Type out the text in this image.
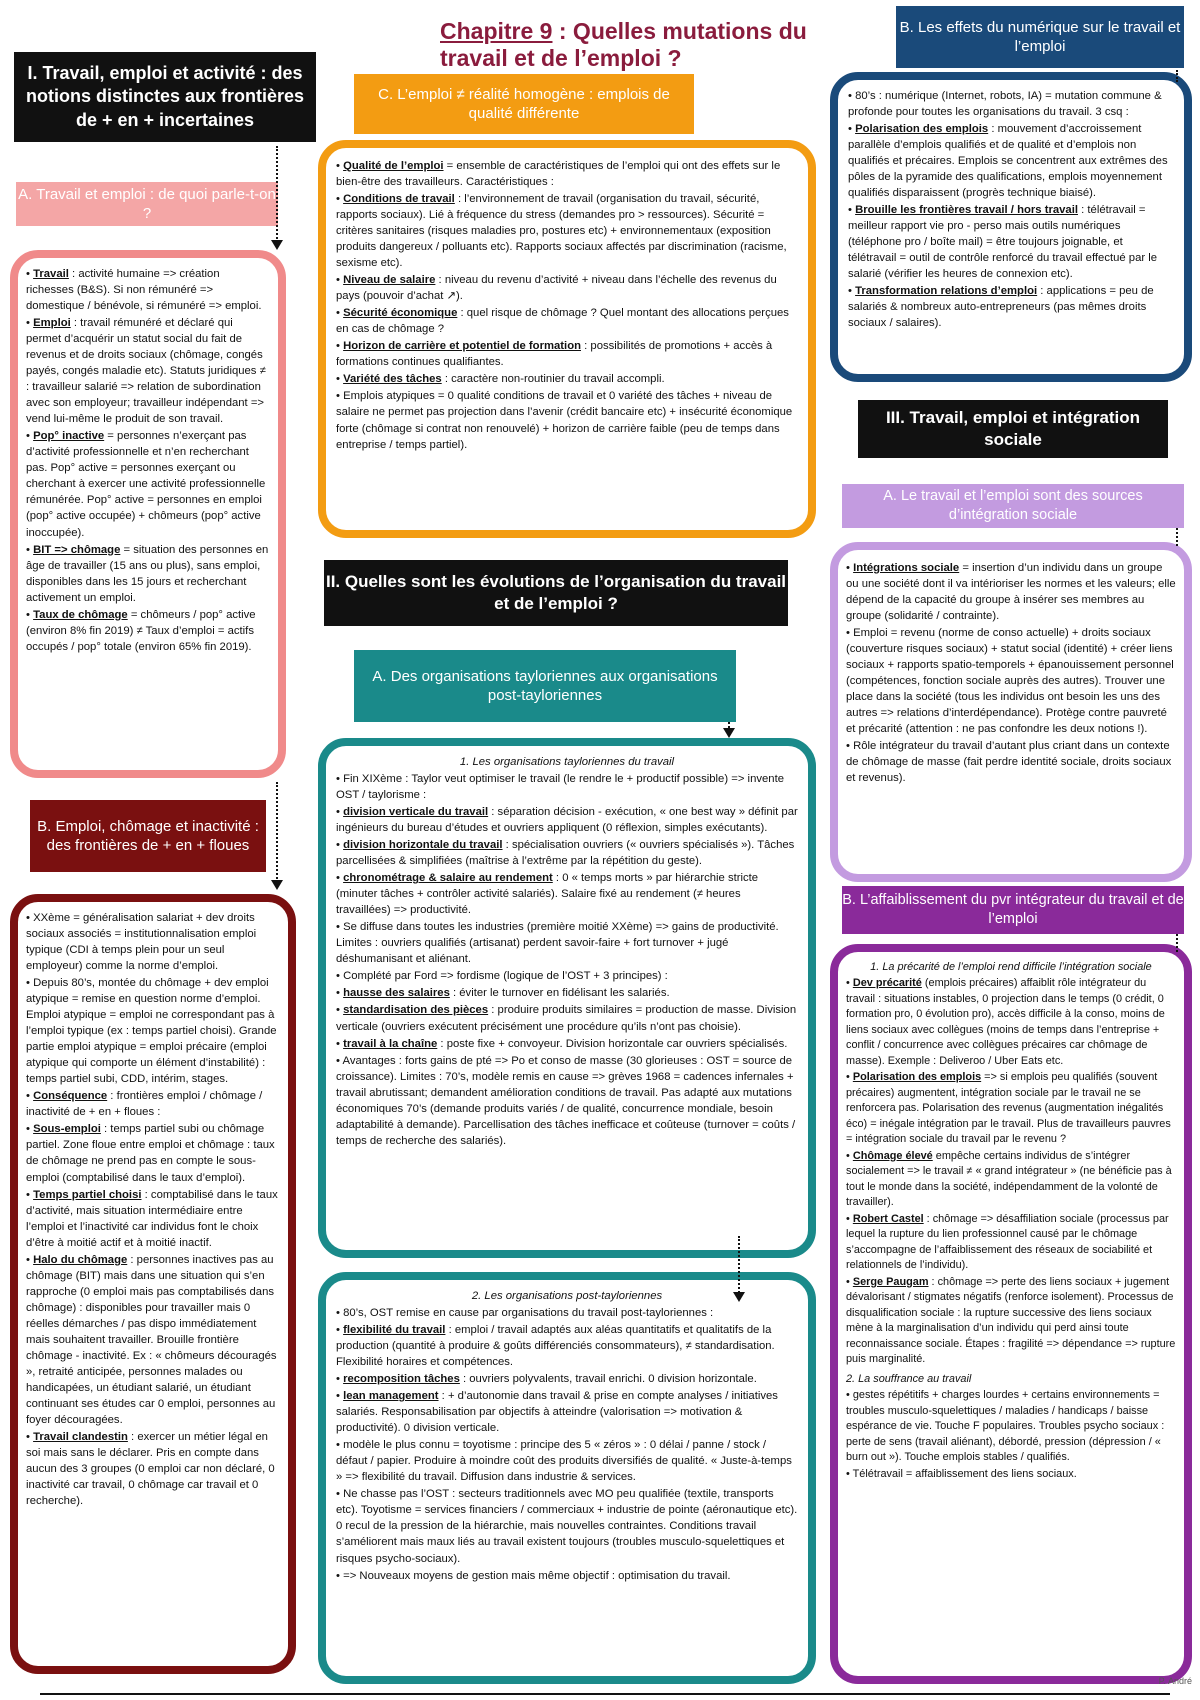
Chapitre 9 : Quelles mutations du travail et de l’emploi ?
I. Travail, emploi et activité : des notions distinctes aux frontières de + en + incertaines
A. Travail et emploi : de quoi parle-t-on ?

• Travail : activité humaine => création richesses (B&S). Si non rémunéré => domestique / bénévole, si rémunéré => emploi.

• Emploi : travail rémunéré et déclaré qui permet d’acquérir un statut social du fait de revenus et de droits sociaux (chômage, congés payés, congés maladie etc). Statuts juridiques ≠ : travailleur salarié => relation de subordination avec son employeur; travailleur indépendant => vend lui-même le produit de son travail.

• Pop° inactive = personnes n’exerçant pas d’activité professionnelle et n’en recherchant pas. Pop° active = personnes exerçant ou cherchant à exercer une activité professionnelle rémunérée. Pop° active = personnes en emploi (pop° active occupée) + chômeurs (pop° active inoccupée).

• BIT => chômage = situation des personnes en âge de travailler (15 ans ou plus), sans emploi, disponibles dans les 15 jours et recherchant activement un emploi.

• Taux de chômage = chômeurs / pop° active (environ 8% fin 2019) ≠ Taux d’emploi = actifs occupés / pop° totale (environ 65% fin 2019).

B. Emploi, chômage et inactivité : des frontières de + en + floues

• XXème = généralisation salariat + dev droits sociaux associés = institutionnalisation emploi typique (CDI à temps plein pour un seul employeur) comme la norme d’emploi.

• Depuis 80’s, montée du chômage + dev emploi atypique = remise en question norme d’emploi. Emploi atypique = emploi ne correspondant pas à l’emploi typique (ex : temps partiel choisi). Grande partie emploi atypique = emploi précaire (emploi atypique qui comporte un élément d’instabilité) : temps partiel subi, CDD, intérim, stages.

• Conséquence : frontières emploi / chômage / inactivité de + en + floues :

• Sous-emploi : temps partiel subi ou chômage partiel. Zone floue entre emploi et chômage : taux de chômage ne prend pas en compte le sous-emploi (comptabilisé dans le taux d’emploi).

• Temps partiel choisi : comptabilisé dans le taux d’activité, mais situation intermédiaire entre l’emploi et l’inactivité car individus font le choix d’être à moitié actif et à moitié inactif.

• Halo du chômage : personnes inactives pas au chômage (BIT) mais dans une situation qui s’en rapproche (0 emploi mais pas comptabilisés dans chômage) : disponibles pour travailler mais 0 réelles démarches / pas dispo immédiatement mais souhaitent travailler. Brouille frontière chômage - inactivité. Ex : « chômeurs découragés », retraité anticipée, personnes malades ou handicapées, un étudiant salarié, un étudiant continuant ses études car 0 emploi, personnes au foyer découragées.

• Travail clandestin : exercer un métier légal en soi mais sans le déclarer. Pris en compte dans aucun des 3 groupes (0 emploi car non déclaré, 0 inactivité car travail, 0 chômage car travail et 0 recherche).

C. L’emploi ≠ réalité homogène : emplois de qualité différente

• Qualité de l’emploi = ensemble de caractéristiques de l’emploi qui ont des effets sur le bien-être des travailleurs. Caractéristiques :

• Conditions de travail : l’environnement de travail (organisation du travail, sécurité, rapports sociaux). Lié à fréquence du stress (demandes pro > ressources). Sécurité = critères sanitaires (risques maladies pro, postures etc) + environnementaux (exposition produits dangereux / polluants etc). Rapports sociaux affectés par discrimination (racisme, sexisme etc).

• Niveau de salaire : niveau du revenu d’activité + niveau dans l’échelle des revenus du pays (pouvoir d’achat ↗).

• Sécurité économique : quel risque de chômage ? Quel montant des allocations perçues en cas de chômage ?

• Horizon de carrière et potentiel de formation : possibilités de promotions + accès à formations continues qualifiantes.

• Variété des tâches : caractère non-routinier du travail accompli.

• Emplois atypiques = 0 qualité conditions de travail et 0 variété des tâches + niveau de salaire ne permet pas projection dans l’avenir (crédit bancaire etc) + insécurité économique forte (chômage si contrat non renouvelé) + horizon de carrière faible (peu de temps dans entreprise / temps partiel).

II. Quelles sont les évolutions de l’organisation du travail et de l’emploi ?
A. Des organisations tayloriennes aux organisations post-tayloriennes

1. Les organisations tayloriennes du travail

• Fin XIXème : Taylor veut optimiser le travail (le rendre le + productif possible) => invente OST / taylorisme :

• division verticale du travail : séparation décision - exécution, « one best way » définit par ingénieurs du bureau d’études et ouvriers appliquent (0 réflexion, simples exécutants).

• division horizontale du travail : spécialisation ouvriers (« ouvriers spécialisés »). Tâches parcellisées & simplifiées (maîtrise à l’extrême par la répétition du geste).

• chronométrage & salaire au rendement : 0 « temps morts » par hiérarchie stricte (minuter tâches + contrôler activité salariés). Salaire fixé au rendement (≠ heures travaillées) => productivité.

• Se diffuse dans toutes les industries (première moitié XXème) => gains de productivité. Limites : ouvriers qualifiés (artisanat) perdent savoir-faire + fort turnover + jugé déshumanisant et aliénant.

• Complété par Ford => fordisme (logique de l’OST + 3 principes) :

• hausse des salaires : éviter le turnover en fidélisant les salariés.

• standardisation des pièces : produire produits similaires = production de masse. Division verticale (ouvriers exécutent précisément une procédure qu’ils n’ont pas choisie).

• travail à la chaîne : poste fixe + convoyeur. Division horizontale car ouvriers spécialisés.

• Avantages : forts gains de pté => Po et conso de masse (30 glorieuses : OST = source de croissance). Limites : 70’s, modèle remis en cause => grèves 1968 = cadences infernales + travail abrutissant; demandent amélioration conditions de travail. Pas adapté aux mutations économiques 70’s (demande produits variés / de qualité, concurrence mondiale, besoin adaptabilité à demande). Parcellisation des tâches inefficace et coûteuse (turnover = coûts / temps de recherche des salariés).

2. Les organisations post-tayloriennes

• 80’s, OST remise en cause par organisations du travail post-tayloriennes :

• flexibilité du travail : emploi / travail adaptés aux aléas quantitatifs et qualitatifs de la production (quantité à produire & goûts différenciés consommateurs), ≠ standardisation. Flexibilité horaires et compétences.

• recomposition tâches : ouvriers polyvalents, travail enrichi. 0 division horizontale.

• lean management : + d’autonomie dans travail & prise en compte analyses / initiatives salariés. Responsabilisation par objectifs à atteindre (valorisation => motivation & productivité). 0 division verticale.

• modèle le plus connu = toyotisme : principe des 5 « zéros » : 0 délai / panne / stock / défaut / papier. Produire à moindre coût des produits diversifiés de qualité. « Juste-à-temps » => flexibilité du travail. Diffusion dans industrie & services.

• Ne chasse pas l’OST : secteurs traditionnels avec MO peu qualifiée (textile, transports etc). Toyotisme = services financiers / commerciaux + industrie de pointe (aéronautique etc). 0 recul de la pression de la hiérarchie, mais nouvelles contraintes. Conditions travail s’améliorent mais maux liés au travail existent toujours (troubles musculo-squelettiques et risques psycho-sociaux).

• => Nouveaux moyens de gestion mais même objectif : optimisation du travail.

B. Les effets du numérique sur le travail et l’emploi

• 80’s : numérique (Internet, robots, IA) = mutation commune & profonde pour toutes les organisations du travail. 3 csq :

• Polarisation des emplois : mouvement d’accroissement parallèle d’emplois qualifiés et de qualité et d’emplois non qualifiés et précaires. Emplois se concentrent aux extrêmes des pôles de la pyramide des qualifications, emplois moyennement qualifiés disparaissent (progrès technique biaisé).

• Brouille les frontières travail / hors travail : télétravail = meilleur rapport vie pro - perso mais outils numériques (téléphone pro / boîte mail) = être toujours joignable, et télétravail = outil de contrôle renforcé du travail effectué par le salarié (vérifier les heures de connexion etc).

• Transformation relations d’emploi : applications = peu de salariés & nombreux auto-entrepreneurs (pas mêmes droits sociaux / salaires).

III. Travail, emploi et intégration sociale
A. Le travail et l’emploi sont des sources d’intégration sociale

• Intégrations sociale = insertion d’un individu dans un groupe ou une société dont il va intérioriser les normes et les valeurs; elle dépend de la capacité du groupe à insérer ses membres au groupe (solidarité / contrainte).

• Emploi = revenu (norme de conso actuelle) + droits sociaux (couverture risques sociaux) + statut social (identité) + créer liens sociaux + rapports spatio-temporels + épanouissement personnel (compétences, fonction sociale auprès des autres). Trouver une place dans la société (tous les individus ont besoin les uns des autres => relations d’interdépendance). Protège contre pauvreté et précarité (attention : ne pas confondre les deux notions !).

• Rôle intégrateur du travail d’autant plus criant dans un contexte de chômage de masse (fait perdre identité sociale, droits sociaux et revenus).

B. L’affaiblissement du pvr intégrateur du travail et de l’emploi

1. La précarité de l’emploi rend difficile l’intégration sociale

• Dev précarité (emplois précaires) affaiblit rôle intégrateur du travail : situations instables, 0 projection dans le temps (0 crédit, 0 formation pro, 0 évolution pro), accès difficile à la conso, moins de liens sociaux avec collègues (moins de temps dans l’entreprise + conflit / concurrence avec collègues précaires car chômage de masse). Exemple : Deliveroo / Uber Eats etc.

• Polarisation des emplois => si emplois peu qualifiés (souvent précaires) augmentent, intégration sociale par le travail ne se renforcera pas. Polarisation des revenus (augmentation inégalités éco) = inégale intégration par le travail. Plus de travailleurs pauvres = intégration sociale du travail par le revenu ?

• Chômage élevé empêche certains individus de s’intégrer socialement => le travail ≠ « grand intégrateur » (ne bénéficie pas à tout le monde dans la société, indépendamment de la volonté de travailler).

• Robert Castel : chômage => désaffiliation sociale (processus par lequel la rupture du lien professionnel causé par le chômage s’accompagne de l’affaiblissement des réseaux de sociabilité et relationnels de l’individu).

• Serge Paugam : chômage => perte des liens sociaux + jugement dévalorisant / stigmates négatifs (renforce isolement). Processus de disqualification sociale : la rupture successive des liens sociaux mène à la marginalisation d’un individu qui perd ainsi toute reconnaissance sociale. Étapes : fragilité => dépendance => rupture puis marginalité.

2. La souffrance au travail

• gestes répétitifs + charges lourdes + certains environnements = troubles musculo-squelettiques / maladies / handicaps / baisse espérance de vie. Touche F populaires. Troubles psycho sociaux : perte de sens (travail aliénant), débordé, pression (dépression / « burn out »). Touche emplois stables / qualifiés.

• Télétravail = affaiblissement des liens sociaux.

P. André
